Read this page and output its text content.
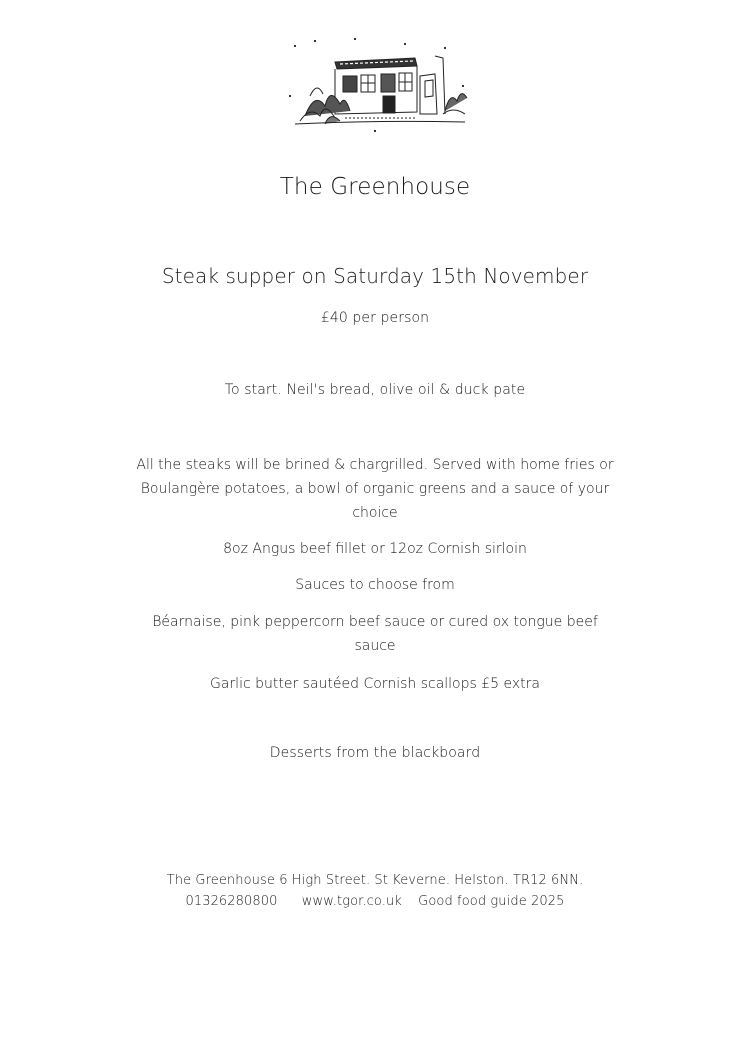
The Greenhouse
Steak supper on Saturday 15th November
£40 per person
To start. Neil's bread, olive oil & duck pate
All the steaks will be brined & chargrilled. Served with home fries or Boulangère potatoes, a bowl of organic greens and a sauce of your choice
8oz Angus beef fillet or 12oz Cornish sirloin
Sauces to choose from
Béarnaise, pink peppercorn beef sauce or cured ox tongue beef sauce
Garlic butter sautéed Cornish scallops £5 extra
Desserts from the blackboard
The Greenhouse 6 High Street. St Keverne. Helston. TR12 6NN.
01326280800 www.tgor.co.uk Good food guide 2025
